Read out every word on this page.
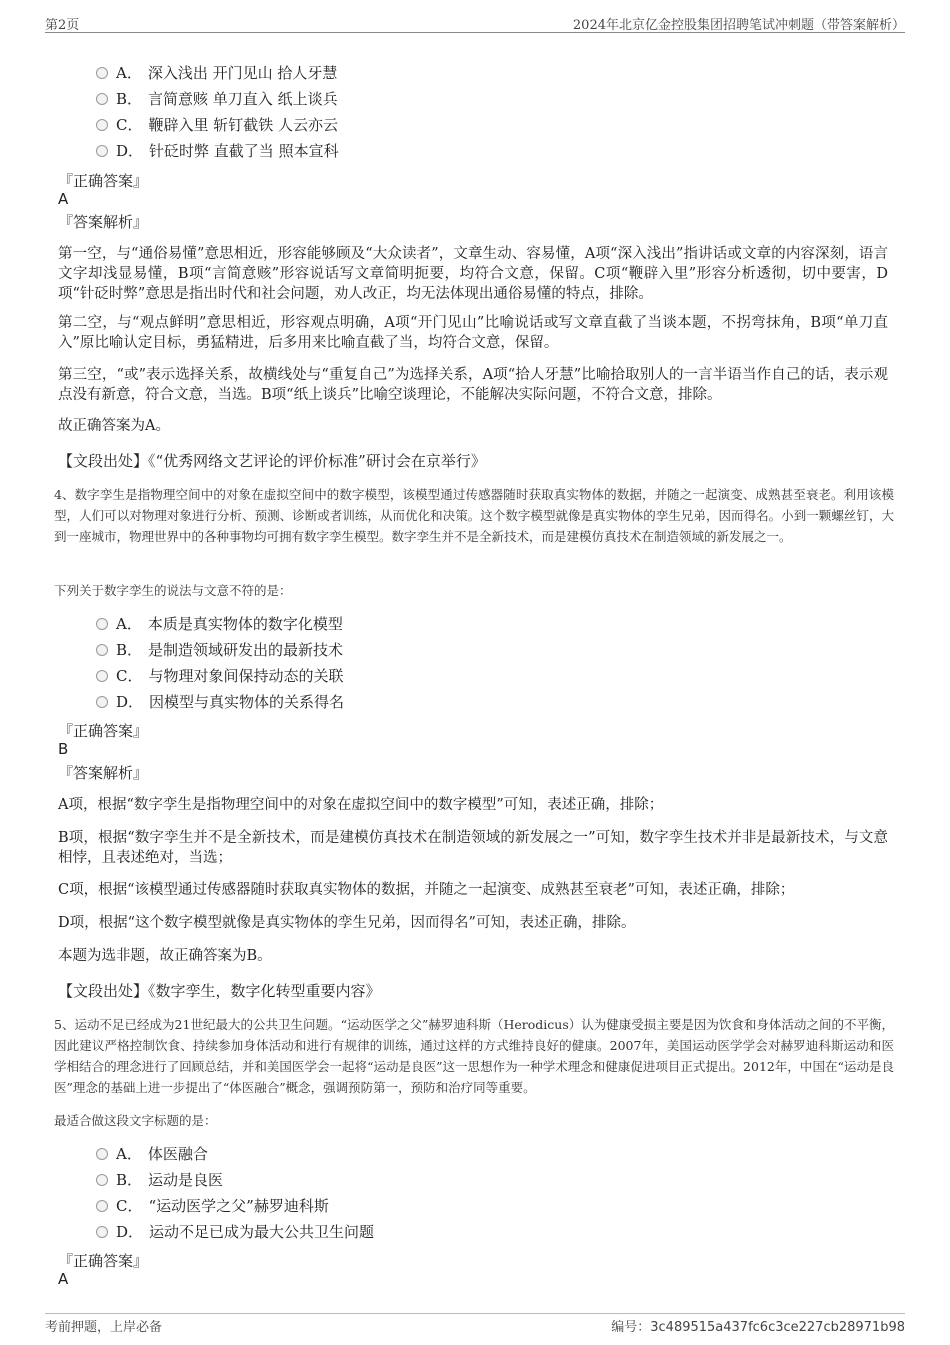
第2页	2024年北京亿金控股集团招聘笔试冲刺题（带答案解析）
A． 深入浅出 开门见山 拾人牙慧
B． 言简意赅 单刀直入 纸上谈兵
C． 鞭辟入里 斩钉截铁 人云亦云
D． 针砭时弊 直截了当 照本宣科
『正确答案』
A
『答案解析』
第一空，与“通俗易懂”意思相近，形容能够顾及“大众读者”，文章生动、容易懂，A项“深入浅出”指讲话或文章的内容深刻，语言文字却浅显易懂，B项“言简意赅”形容说话写文章简明扼要，均符合文意，保留。C项“鞭辟入里”形容分析透彻，切中要害，D项“针砭时弊”意思是指出时代和社会问题，劝人改正，均无法体现出通俗易懂的特点，排除。
第二空，与“观点鲜明”意思相近，形容观点明确，A项“开门见山”比喻说话或写文章直截了当谈本题，不拐弯抹角，B项“单刀直入”原比喻认定目标，勇猛精进，后多用来比喻直截了当，均符合文意，保留。
第三空，“或”表示选择关系，故横线处与“重复自己”为选择关系，A项“拾人牙慧”比喻拾取别人的一言半语当作自己的话，表示观点没有新意，符合文意，当选。B项“纸上谈兵”比喻空谈理论，不能解决实际问题，不符合文意，排除。
故正确答案为A。
【文段出处】《“优秀网络文艺评论的评价标准”研讨会在京举行》
4、数字孪生是指物理空间中的对象在虚拟空间中的数字模型，该模型通过传感器随时获取真实物体的数据，并随之一起演变、成熟甚至衰老。利用该模型，人们可以对物理对象进行分析、预测、诊断或者训练，从而优化和决策。这个数字模型就像是真实物体的孪生兄弟，因而得名。小到一颗螺丝钉，大到一座城市，物理世界中的各种事物均可拥有数字孪生模型。数字孪生并不是全新技术，而是建模仿真技术在制造领域的新发展之一。
下列关于数字孪生的说法与文意不符的是：
A． 本质是真实物体的数字化模型
B． 是制造领域研发出的最新技术
C． 与物理对象间保持动态的关联
D． 因模型与真实物体的关系得名
『正确答案』
B
『答案解析』
A项，根据“数字孪生是指物理空间中的对象在虚拟空间中的数字模型”可知，表述正确，排除；
B项，根据“数字孪生并不是全新技术，而是建模仿真技术在制造领域的新发展之一”可知，数字孪生技术并非是最新技术，与文意相悖，且表述绝对，当选；
C项，根据“该模型通过传感器随时获取真实物体的数据，并随之一起演变、成熟甚至衰老”可知，表述正确，排除；
D项，根据“这个数字模型就像是真实物体的孪生兄弟，因而得名”可知，表述正确，排除。
本题为选非题，故正确答案为B。
【文段出处】《数字孪生，数字化转型重要内容》
5、运动不足已经成为21世纪最大的公共卫生问题。“运动医学之父”赫罗迪科斯（Herodicus）认为健康受损主要是因为饮食和身体活动之间的不平衡，因此建议严格控制饮食、持续参加身体活动和进行有规律的训练，通过这样的方式维持良好的健康。2007年，美国运动医学学会对赫罗迪科斯运动和医学相结合的理念进行了回顾总结，并和美国医学会一起将“运动是良医”这一思想作为一种学术理念和健康促进项目正式提出。2012年，中国在“运动是良医”理念的基础上进一步提出了“体医融合”概念，强调预防第一，预防和治疗同等重要。
最适合做这段文字标题的是：
A． 体医融合
B． 运动是良医
C． “运动医学之父”赫罗迪科斯
D． 运动不足已成为最大公共卫生问题
『正确答案』
A
考前押题，上岸必备	编号：3c489515a437fc6c3ce227cb28971b98
